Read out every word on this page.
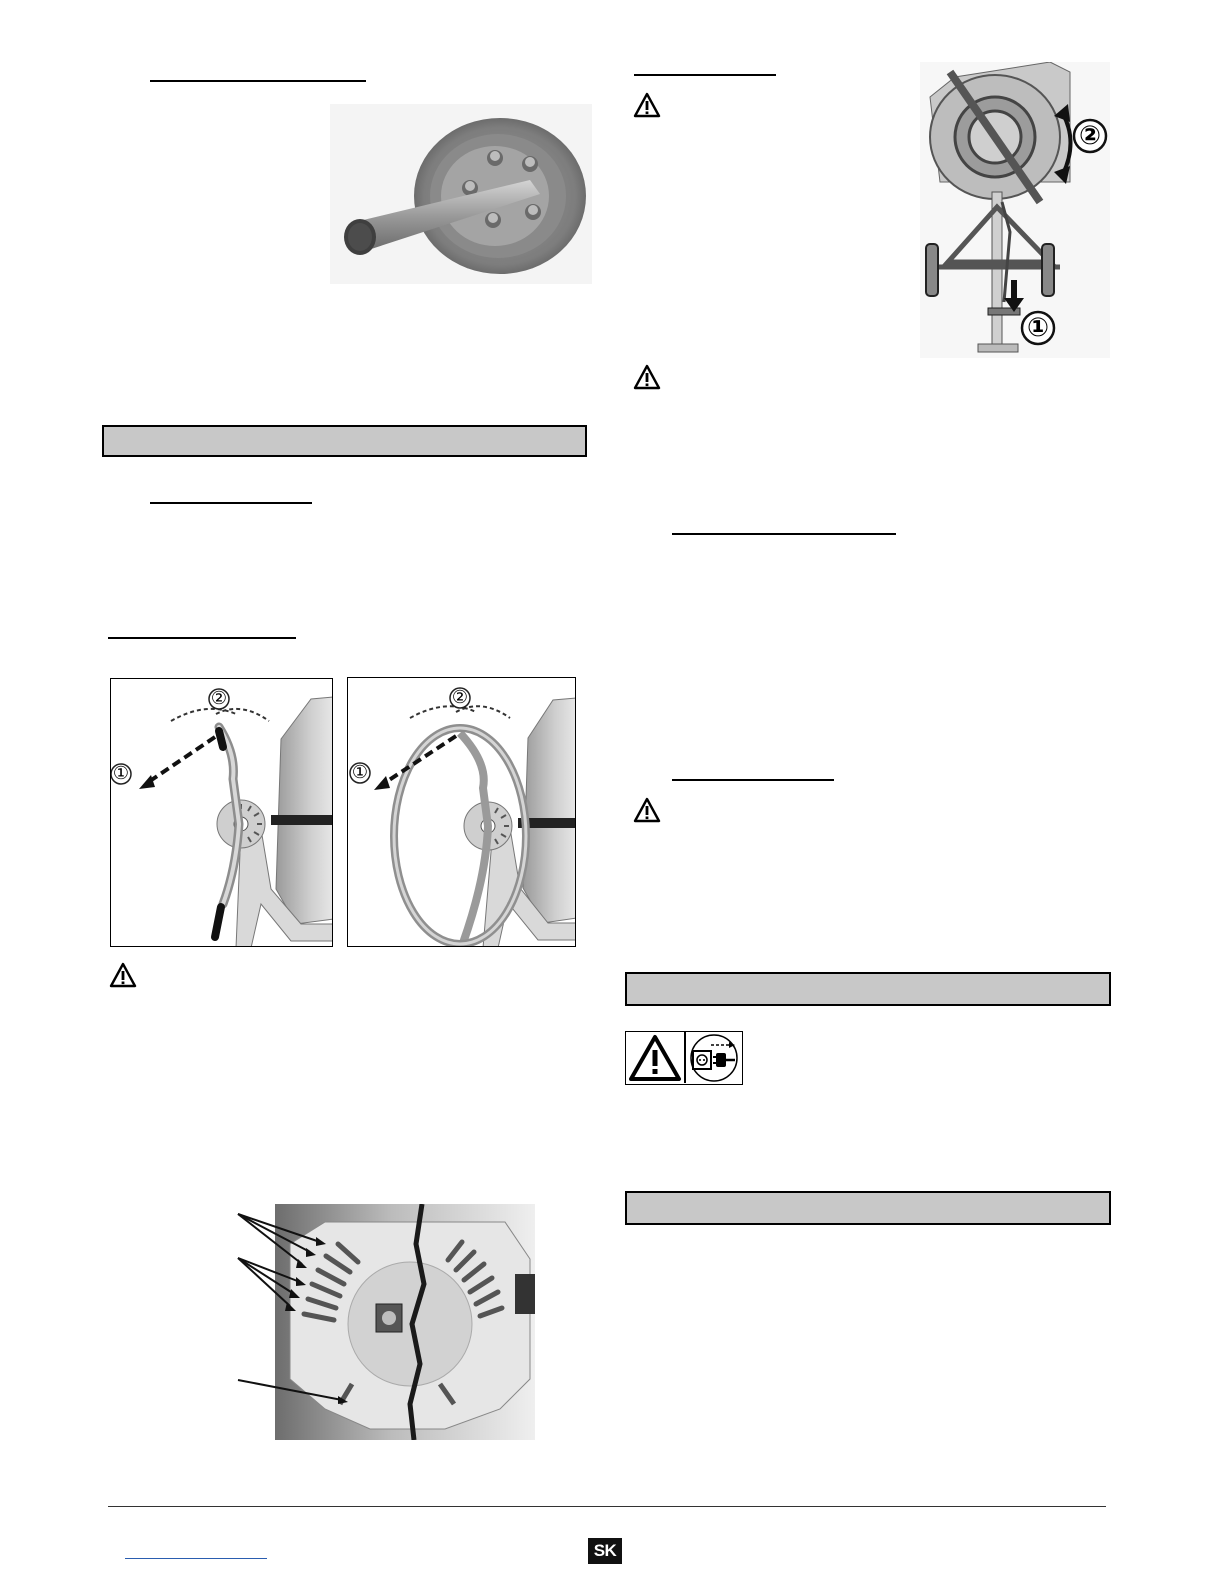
②
①
②
①
②
①
SK
